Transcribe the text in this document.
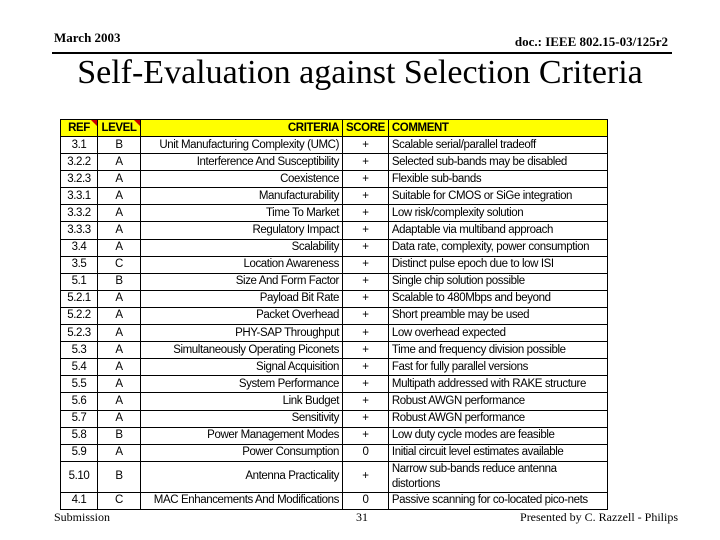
March 2003	doc.: IEEE 802.15-03/125r2
Self-Evaluation against Selection Criteria
REF	LEVEL	CRITERIA	SCORE	COMMENT
3.1	B	Unit Manufacturing Complexity (UMC)	+	Scalable serial/parallel tradeoff
3.2.2	A	Interference And Susceptibility	+	Selected sub-bands may be disabled
3.2.3	A	Coexistence	+	Flexible sub-bands
3.3.1	A	Manufacturability	+	Suitable for CMOS or SiGe integration
3.3.2	A	Time To Market	+	Low risk/complexity solution
3.3.3	A	Regulatory Impact	+	Adaptable via multiband approach
3.4	A	Scalability	+	Data rate, complexity, power consumption
3.5	C	Location Awareness	+	Distinct pulse epoch due to low ISI
5.1	B	Size And Form Factor	+	Single chip solution possible
5.2.1	A	Payload Bit Rate	+	Scalable to 480Mbps and beyond
5.2.2	A	Packet Overhead	+	Short preamble may be used
5.2.3	A	PHY-SAP Throughput	+	Low overhead expected
5.3	A	Simultaneously Operating Piconets	+	Time and frequency division possible
5.4	A	Signal Acquisition	+	Fast for fully parallel versions
5.5	A	System Performance	+	Multipath addressed with RAKE structure
5.6	A	Link Budget	+	Robust AWGN performance
5.7	A	Sensitivity	+	Robust AWGN performance
5.8	B	Power Management Modes	+	Low duty cycle modes are feasible
5.9	A	Power Consumption	0	Initial circuit level estimates available
5.10	B	Antenna Practicality	+	Narrow sub-bands reduce antenna distortions
4.1	C	MAC Enhancements And Modifications	0	Passive scanning for co-located pico-nets
Submission	31	Presented by C. Razzell - Philips
